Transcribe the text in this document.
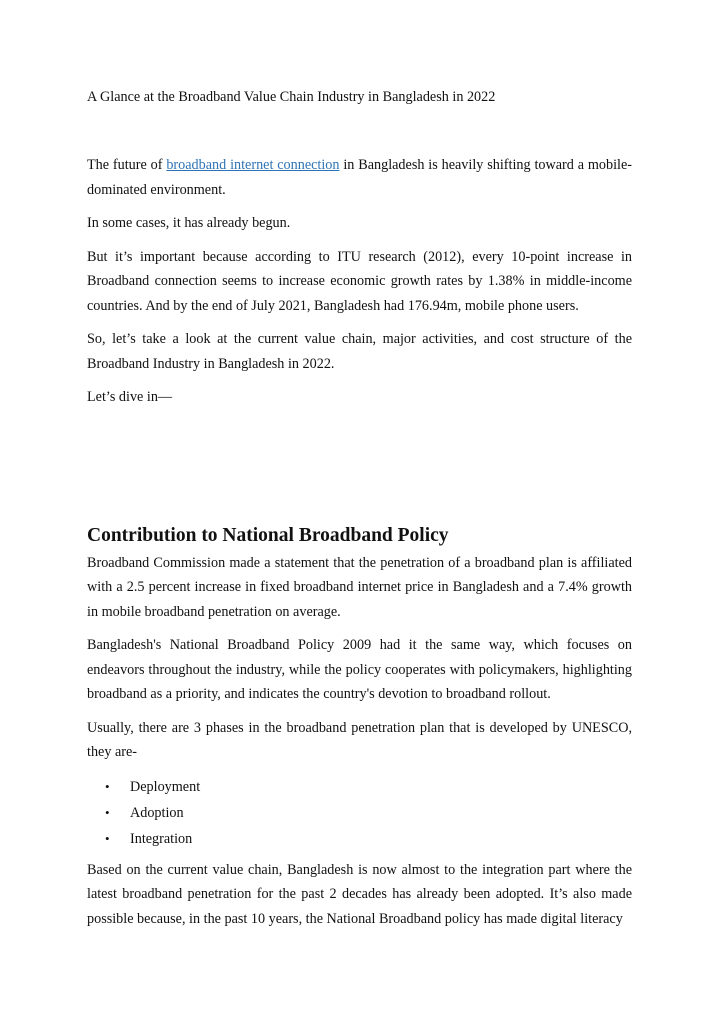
A Glance at the Broadband Value Chain Industry in Bangladesh in 2022

The future of broadband internet connection in Bangladesh is heavily shifting toward a mobile-dominated environment.

In some cases, it has already begun.

But it’s important because according to ITU research (2012), every 10-point increase in Broadband connection seems to increase economic growth rates by 1.38% in middle-income countries. And by the end of July 2021, Bangladesh had 176.94m, mobile phone users.

So, let’s take a look at the current value chain, major activities, and cost structure of the Broadband Industry in Bangladesh in 2022.

Let’s dive in—

Contribution to National Broadband Policy

Broadband Commission made a statement that the penetration of a broadband plan is affiliated with a 2.5 percent increase in fixed broadband internet price in Bangladesh and a 7.4% growth in mobile broadband penetration on average.

Bangladesh's National Broadband Policy 2009 had it the same way, which focuses on endeavors throughout the industry, while the policy cooperates with policymakers, highlighting broadband as a priority, and indicates the country's devotion to broadband rollout.

Usually, there are 3 phases in the broadband penetration plan that is developed by UNESCO, they are-

• Deployment
• Adoption
• Integration

Based on the current value chain, Bangladesh is now almost to the integration part where the latest broadband penetration for the past 2 decades has already been adopted. It’s also made possible because, in the past 10 years, the National Broadband policy has made digital literacy
